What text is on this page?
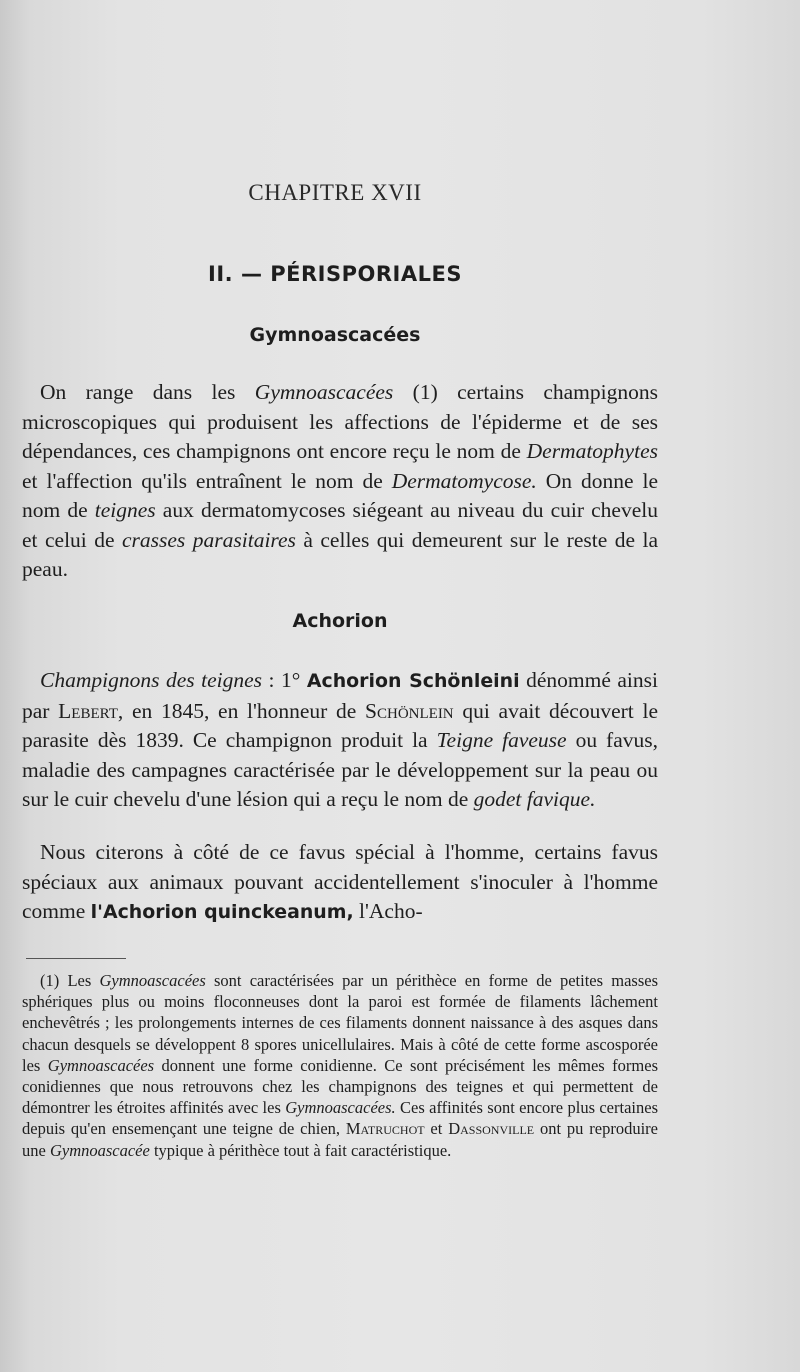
CHAPITRE XVII
II. — PÉRISPORIALES
Gymnoascacées

On range dans les Gymnoascacées (1) certains champignons microscopiques qui produisent les affections de l'épiderme et de ses dépendances, ces champignons ont encore reçu le nom de Dermatophytes et l'affection qu'ils entraînent le nom de Dermatomycose. On donne le nom de teignes aux dermatomycoses siégeant au niveau du cuir chevelu et celui de crasses parasitaires à celles qui demeurent sur le reste de la peau.

Achorion

Champignons des teignes : 1° Achorion Schönleini dénommé ainsi par Lebert, en 1845, en l'honneur de Schönlein qui avait découvert le parasite dès 1839. Ce champignon produit la Teigne faveuse ou favus, maladie des campagnes caractérisée par le développement sur la peau ou sur le cuir chevelu d'une lésion qui a reçu le nom de godet favique.

Nous citerons à côté de ce favus spécial à l'homme, certains favus spéciaux aux animaux pouvant accidentellement s'inoculer à l'homme comme l'Achorion quinckeanum, l'Acho-

(1) Les Gymnoascacées sont caractérisées par un périthèce en forme de petites masses sphériques plus ou moins floconneuses dont la paroi est formée de filaments lâchement enchevêtrés ; les prolongements internes de ces filaments donnent naissance à des asques dans chacun desquels se développent 8 spores unicellulaires. Mais à côté de cette forme ascosporée les Gymnoascacées donnent une forme conidienne. Ce sont précisément les mêmes formes conidiennes que nous retrouvons chez les champignons des teignes et qui permettent de démontrer les étroites affinités avec les Gymnoascacées. Ces affinités sont encore plus certaines depuis qu'en ensemençant une teigne de chien, Matruchot et Dassonville ont pu reproduire une Gymnoascacée typique à périthèce tout à fait caractéristique.
